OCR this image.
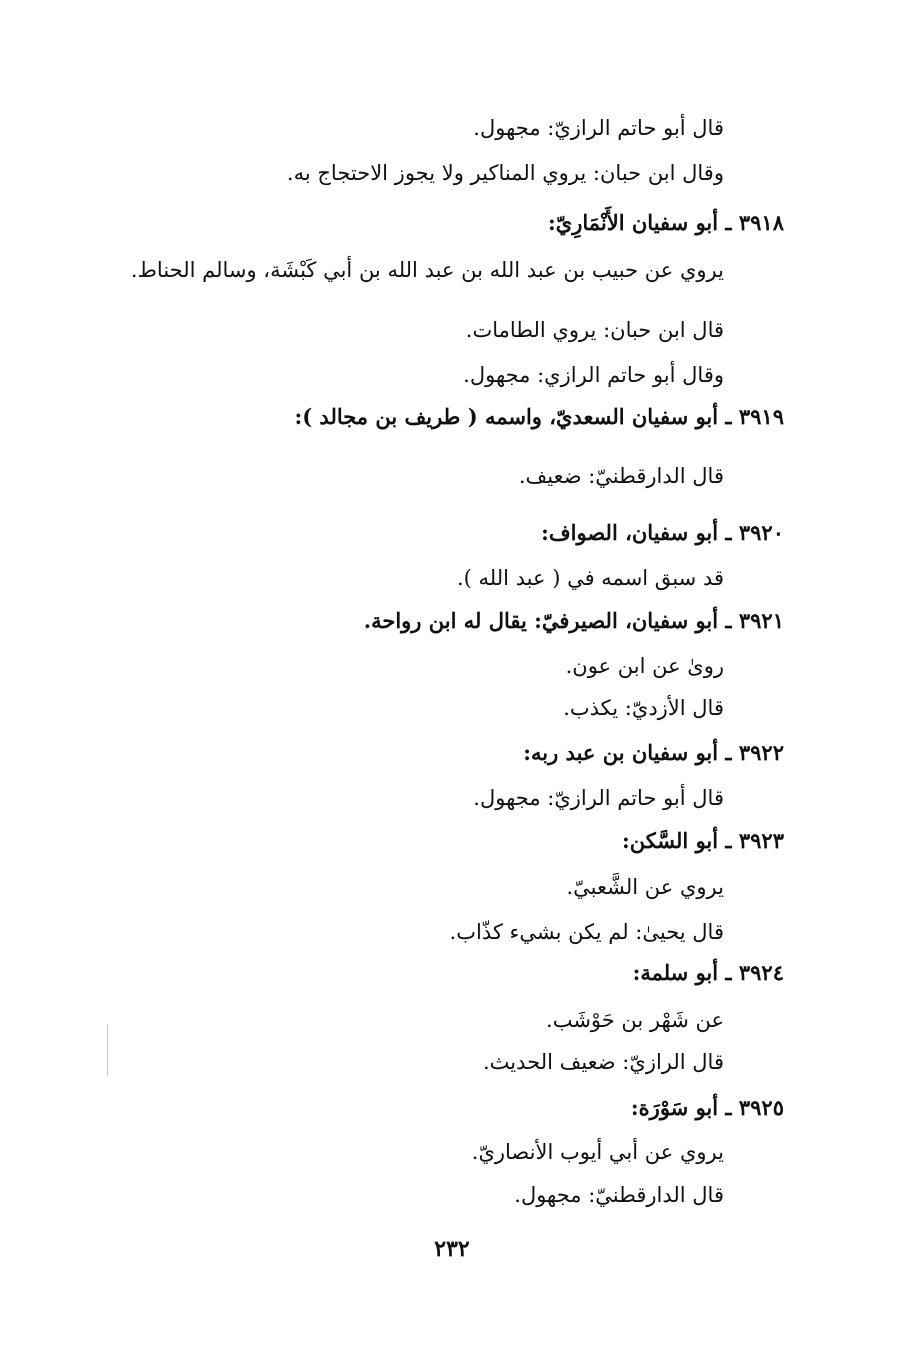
قال أبو حاتم الرازيّ: مجهول.
وقال ابن حبان: يروي المناكير ولا يجوز الاحتجاج به.
٣٩١٨ ـ أبو سفيان الأَنْمَارِيّ:
يروي عن حبيب بن عبد الله بن عبد الله بن أبي كَبْشَة، وسالم الحناط.
قال ابن حبان: يروي الطامات.
وقال أبو حاتم الرازي: مجهول.
٣٩١٩ ـ أبو سفيان السعديّ، واسمه ( طريف بن مجالد ):
قال الدارقطنيّ: ضعيف.
٣٩٢٠ ـ أبو سفيان، الصواف:
قد سبق اسمه في ( عبد الله ).
٣٩٢١ ـ أبو سفيان، الصيرفيّ: يقال له ابن رواحة.
روىٰ عن ابن عون.
قال الأزديّ: يكذب.
٣٩٢٢ ـ أبو سفيان بن عبد ربه:
قال أبو حاتم الرازيّ: مجهول.
٣٩٢٣ ـ أبو السَّكن:
يروي عن الشَّعبيّ.
قال يحيىٰ: لم يكن بشيء كذّاب.
٣٩٢٤ ـ أبو سلمة:
عن شَهْر بن حَوْشَب.
قال الرازيّ: ضعيف الحديث.
٣٩٢٥ ـ أبو سَوْرَة:
يروي عن أبي أيوب الأنصاريّ.
قال الدارقطنيّ: مجهول.
٢٣٢
